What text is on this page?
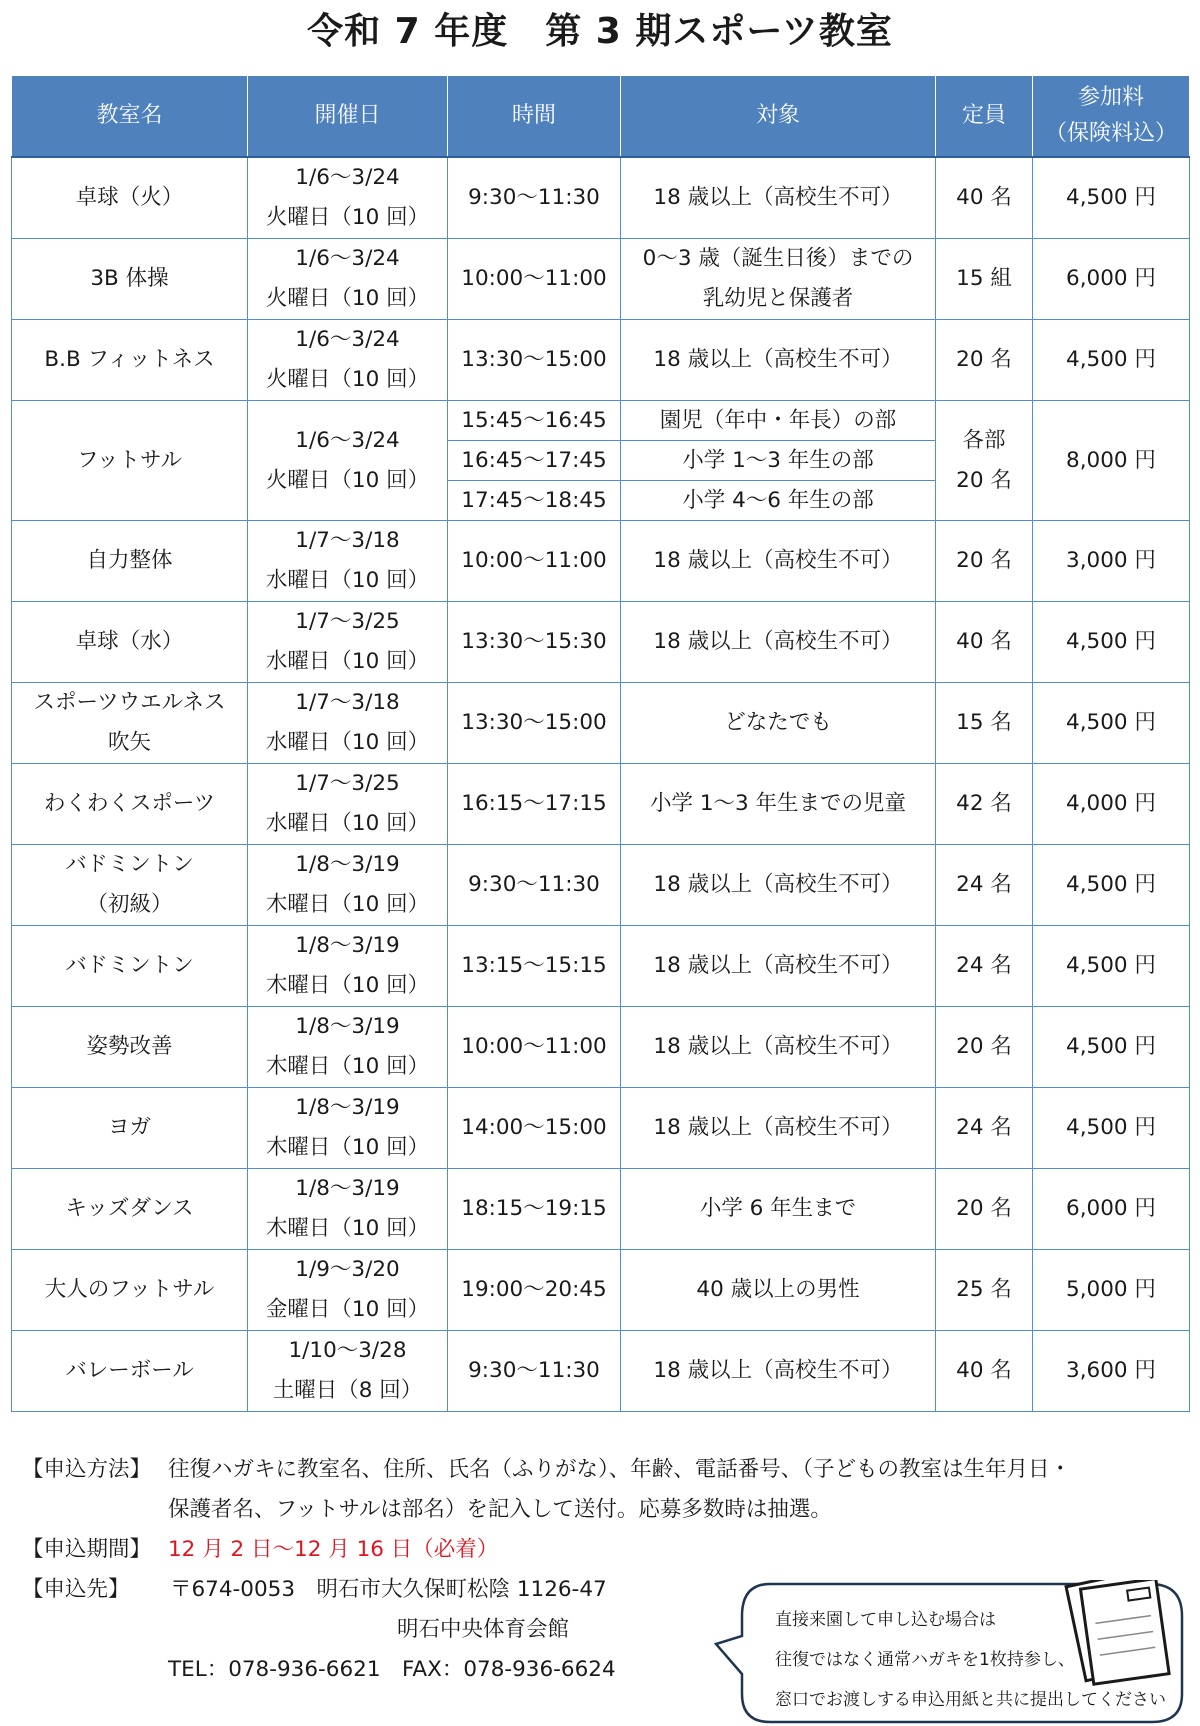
令和 7 年度　第 3 期スポーツ教室
教室名	開催日	時間	対象	定員	参加料
（保険料込）

卓球（火）	1/6～3/24
火曜日（10 回）	9:30～11:30	18 歳以上（高校生不可）	40 名	4,500 円

3B 体操	1/6～3/24
火曜日（10 回）	10:00～11:00	0～3 歳（誕生日後）までの
乳幼児と保護者	15 組	6,000 円

B.B フィットネス	1/6～3/24
火曜日（10 回）	13:30～15:00	18 歳以上（高校生不可）	20 名	4,500 円

フットサル	1/6～3/24
火曜日（10 回）	15:45～16:45	園児（年中・年長）の部	各部
20 名	8,000 円
		16:45～17:45	小学 1～3 年生の部		
		17:45～18:45	小学 4～6 年生の部		

自力整体	1/7～3/18
水曜日（10 回）	10:00～11:00	18 歳以上（高校生不可）	20 名	3,000 円

卓球（水）	1/7～3/25
水曜日（10 回）	13:30～15:30	18 歳以上（高校生不可）	40 名	4,500 円

スポーツウエルネス
吹矢	1/7～3/18
水曜日（10 回）	13:30～15:00	どなたでも	15 名	4,500 円

わくわくスポーツ	1/7～3/25
水曜日（10 回）	16:15～17:15	小学 1～3 年生までの児童	42 名	4,000 円

バドミントン
（初級）	1/8～3/19
木曜日（10 回）	9:30～11:30	18 歳以上（高校生不可）	24 名	4,500 円

バドミントン	1/8～3/19
木曜日（10 回）	13:15～15:15	18 歳以上（高校生不可）	24 名	4,500 円

姿勢改善	1/8～3/19
木曜日（10 回）	10:00～11:00	18 歳以上（高校生不可）	20 名	4,500 円

ヨガ	1/8～3/19
木曜日（10 回）	14:00～15:00	18 歳以上（高校生不可）	24 名	4,500 円

キッズダンス	1/8～3/19
木曜日（10 回）	18:15～19:15	小学 6 年生まで	20 名	6,000 円

大人のフットサル	1/9～3/20
金曜日（10 回）	19:00～20:45	40 歳以上の男性	25 名	5,000 円

バレーボール	1/10～3/28
土曜日（8 回）	9:30～11:30	18 歳以上（高校生不可）	40 名	3,600 円
【申込方法】 往復ハガキに教室名、住所、氏名（ふりがな）、年齢、電話番号、（子どもの教室は生年月日・
保護者名、フットサルは部名）を記入して送付。応募多数時は抽選。
【申込期間】 12 月 2 日～12 月 16 日（必着）
【申込先】 〒674-0053　明石市大久保町松陰 1126-47
明石中央体育会館
TEL：078-936-6621　FAX：078-936-6624
直接来園して申し込む場合は
往復ではなく通常ハガキを1枚持参し、
窓口でお渡しする申込用紙と共に提出してください
